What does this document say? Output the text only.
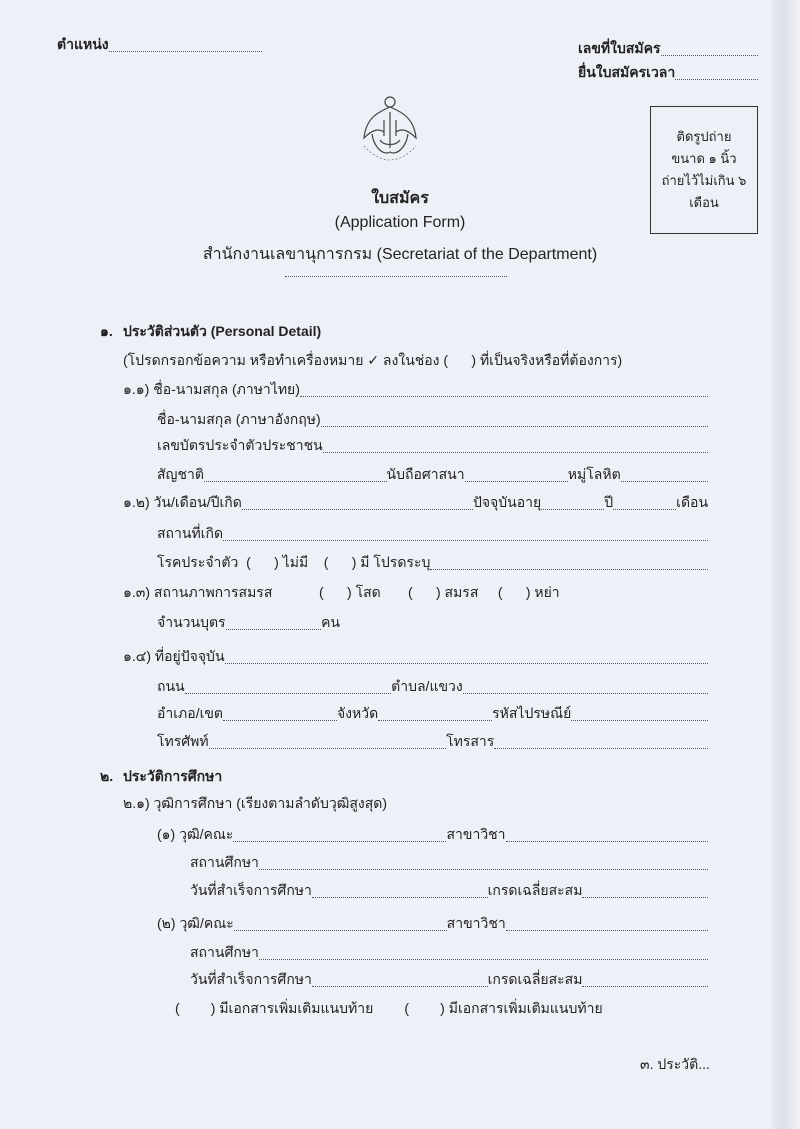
ตำแหน่ง	เลขที่ใบสมัคร
ยื่นใบสมัครเวลา
ติดรูปถ่าย
ขนาด ๑ นิ้ว
ถ่ายไว้ไม่เกิน ๖
เดือน
ใบสมัคร
(Application Form)
สำนักงานเลขานุการกรม (Secretariat of the Department)
๑. ประวัติส่วนตัว (Personal Detail)
(โปรดกรอกข้อความ หรือทำเครื่องหมาย ✓ ลงในช่อง (      ) ที่เป็นจริงหรือที่ต้องการ)
๑.๑) ชื่อ-นามสกุล (ภาษาไทย)
ชื่อ-นามสกุล (ภาษาอังกฤษ)
เลขบัตรประจำตัวประชาชน
สัญชาติ	นับถือศาสนา	หมู่โลหิต
๑.๒) วัน/เดือน/ปีเกิด	ปัจจุบันอายุ	ปี	เดือน
สถานที่เกิด
โรคประจำตัว  (      ) ไม่มี    (      ) มี โปรดระบุ
๑.๓) สถานภาพการสมรส            (      ) โสด       (      ) สมรส     (      ) หย่า
จำนวนบุตร	คน
๑.๔) ที่อยู่ปัจจุบัน
ถนน	ตำบล/แขวง
อำเภอ/เขต	จังหวัด	รหัสไปรษณีย์
โทรศัพท์	โทรสาร
๒. ประวัติการศึกษา
๒.๑) วุฒิการศึกษา (เรียงตามลำดับวุฒิสูงสุด)
(๑) วุฒิ/คณะ	สาขาวิชา
สถานศึกษา
วันที่สำเร็จการศึกษา	เกรดเฉลี่ยสะสม
(๒) วุฒิ/คณะ	สาขาวิชา
สถานศึกษา
วันที่สำเร็จการศึกษา	เกรดเฉลี่ยสะสม
(        ) มีเอกสารเพิ่มเติมแนบท้าย        (        ) มีเอกสารเพิ่มเติมแนบท้าย
๓. ประวัติ...
